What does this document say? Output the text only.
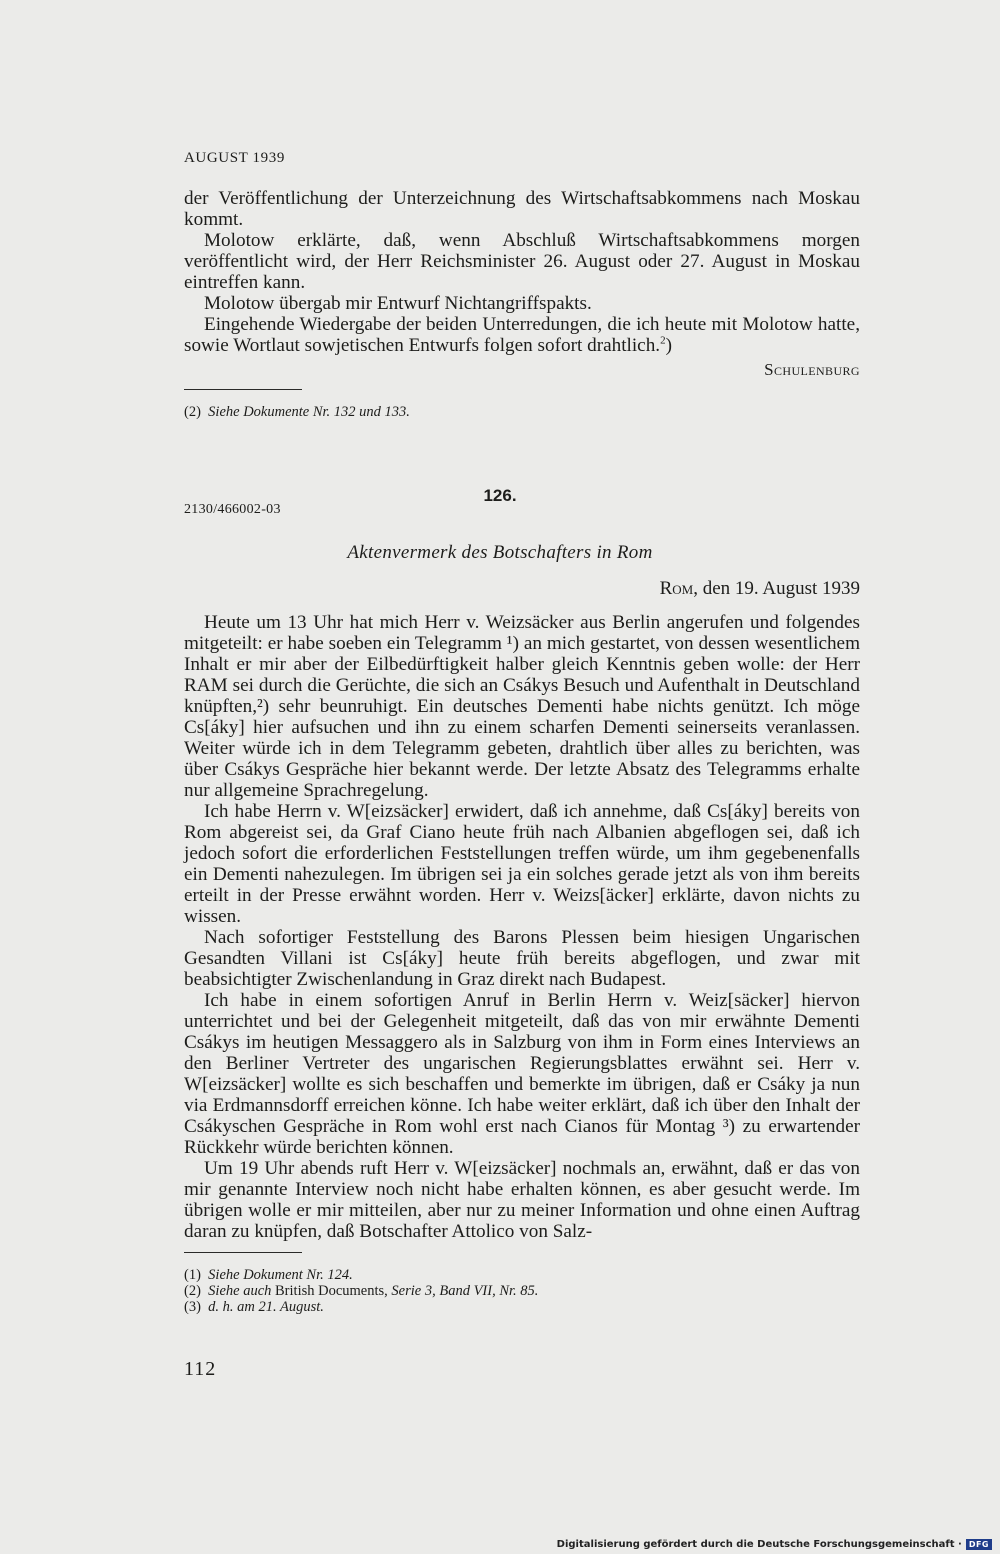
AUGUST 1939

der Veröffentlichung der Unterzeichnung des Wirtschaftsabkommens nach Moskau kommt.

Molotow erklärte, daß, wenn Abschluß Wirtschaftsabkommens morgen veröffentlicht wird, der Herr Reichsminister 26. August oder 27. August in Moskau eintreffen kann.

Molotow übergab mir Entwurf Nichtangriffspakts.

Eingehende Wiedergabe der beiden Unterredungen, die ich heute mit Molotow hatte, sowie Wortlaut sowjetischen Entwurfs folgen sofort drahtlich.$^2$)

Schulenburg
(2) Siehe Dokumente Nr. 132 und 133.
126.
2130/466002-03
Aktenvermerk des Botschafters in Rom
Rom, den 19. August 1939

Heute um 13 Uhr hat mich Herr v. Weizsäcker aus Berlin angerufen und folgendes mitgeteilt: er habe soeben ein Telegramm ¹) an mich gestartet, von dessen wesentlichem Inhalt er mir aber der Eilbedürftigkeit halber gleich Kenntnis geben wolle: der Herr RAM sei durch die Gerüchte, die sich an Csákys Besuch und Aufenthalt in Deutschland knüpften,²) sehr beunruhigt. Ein deutsches Dementi habe nichts genützt. Ich möge Cs[áky] hier aufsuchen und ihn zu einem scharfen Dementi seinerseits veranlassen. Weiter würde ich in dem Telegramm gebeten, drahtlich über alles zu berichten, was über Csákys Gespräche hier bekannt werde. Der letzte Absatz des Telegramms erhalte nur allgemeine Sprachregelung.

Ich habe Herrn v. W[eizsäcker] erwidert, daß ich annehme, daß Cs[áky] bereits von Rom abgereist sei, da Graf Ciano heute früh nach Albanien abgeflogen sei, daß ich jedoch sofort die erforderlichen Feststellungen treffen würde, um ihm gegebenenfalls ein Dementi nahezulegen. Im übrigen sei ja ein solches gerade jetzt als von ihm bereits erteilt in der Presse erwähnt worden. Herr v. Weizs[äcker] erklärte, davon nichts zu wissen.

Nach sofortiger Feststellung des Barons Plessen beim hiesigen Ungarischen Gesandten Villani ist Cs[áky] heute früh bereits abgeflogen, und zwar mit beabsichtigter Zwischenlandung in Graz direkt nach Budapest.

Ich habe in einem sofortigen Anruf in Berlin Herrn v. Weiz[säcker] hiervon unterrichtet und bei der Gelegenheit mitgeteilt, daß das von mir erwähnte Dementi Csákys im heutigen Messaggero als in Salzburg von ihm in Form eines Interviews an den Berliner Vertreter des ungarischen Regierungsblattes erwähnt sei. Herr v. W[eizsäcker] wollte es sich beschaffen und bemerkte im übrigen, daß er Csáky ja nun via Erdmannsdorff erreichen könne. Ich habe weiter erklärt, daß ich über den Inhalt der Csákyschen Gespräche in Rom wohl erst nach Cianos für Montag ³) zu erwartender Rückkehr würde berichten können.

Um 19 Uhr abends ruft Herr v. W[eizsäcker] nochmals an, erwähnt, daß er das von mir genannte Interview noch nicht habe erhalten können, es aber gesucht werde. Im übrigen wolle er mir mitteilen, aber nur zu meiner Information und ohne einen Auftrag daran zu knüpfen, daß Botschafter Attolico von Salz-

(1) Siehe Dokument Nr. 124.
(2) Siehe auch British Documents, Serie 3, Band VII, Nr. 85.
(3) d. h. am 21. August.
112
Digitalisierung gefördert durch die Deutsche Forschungsgemeinschaft · DFG
